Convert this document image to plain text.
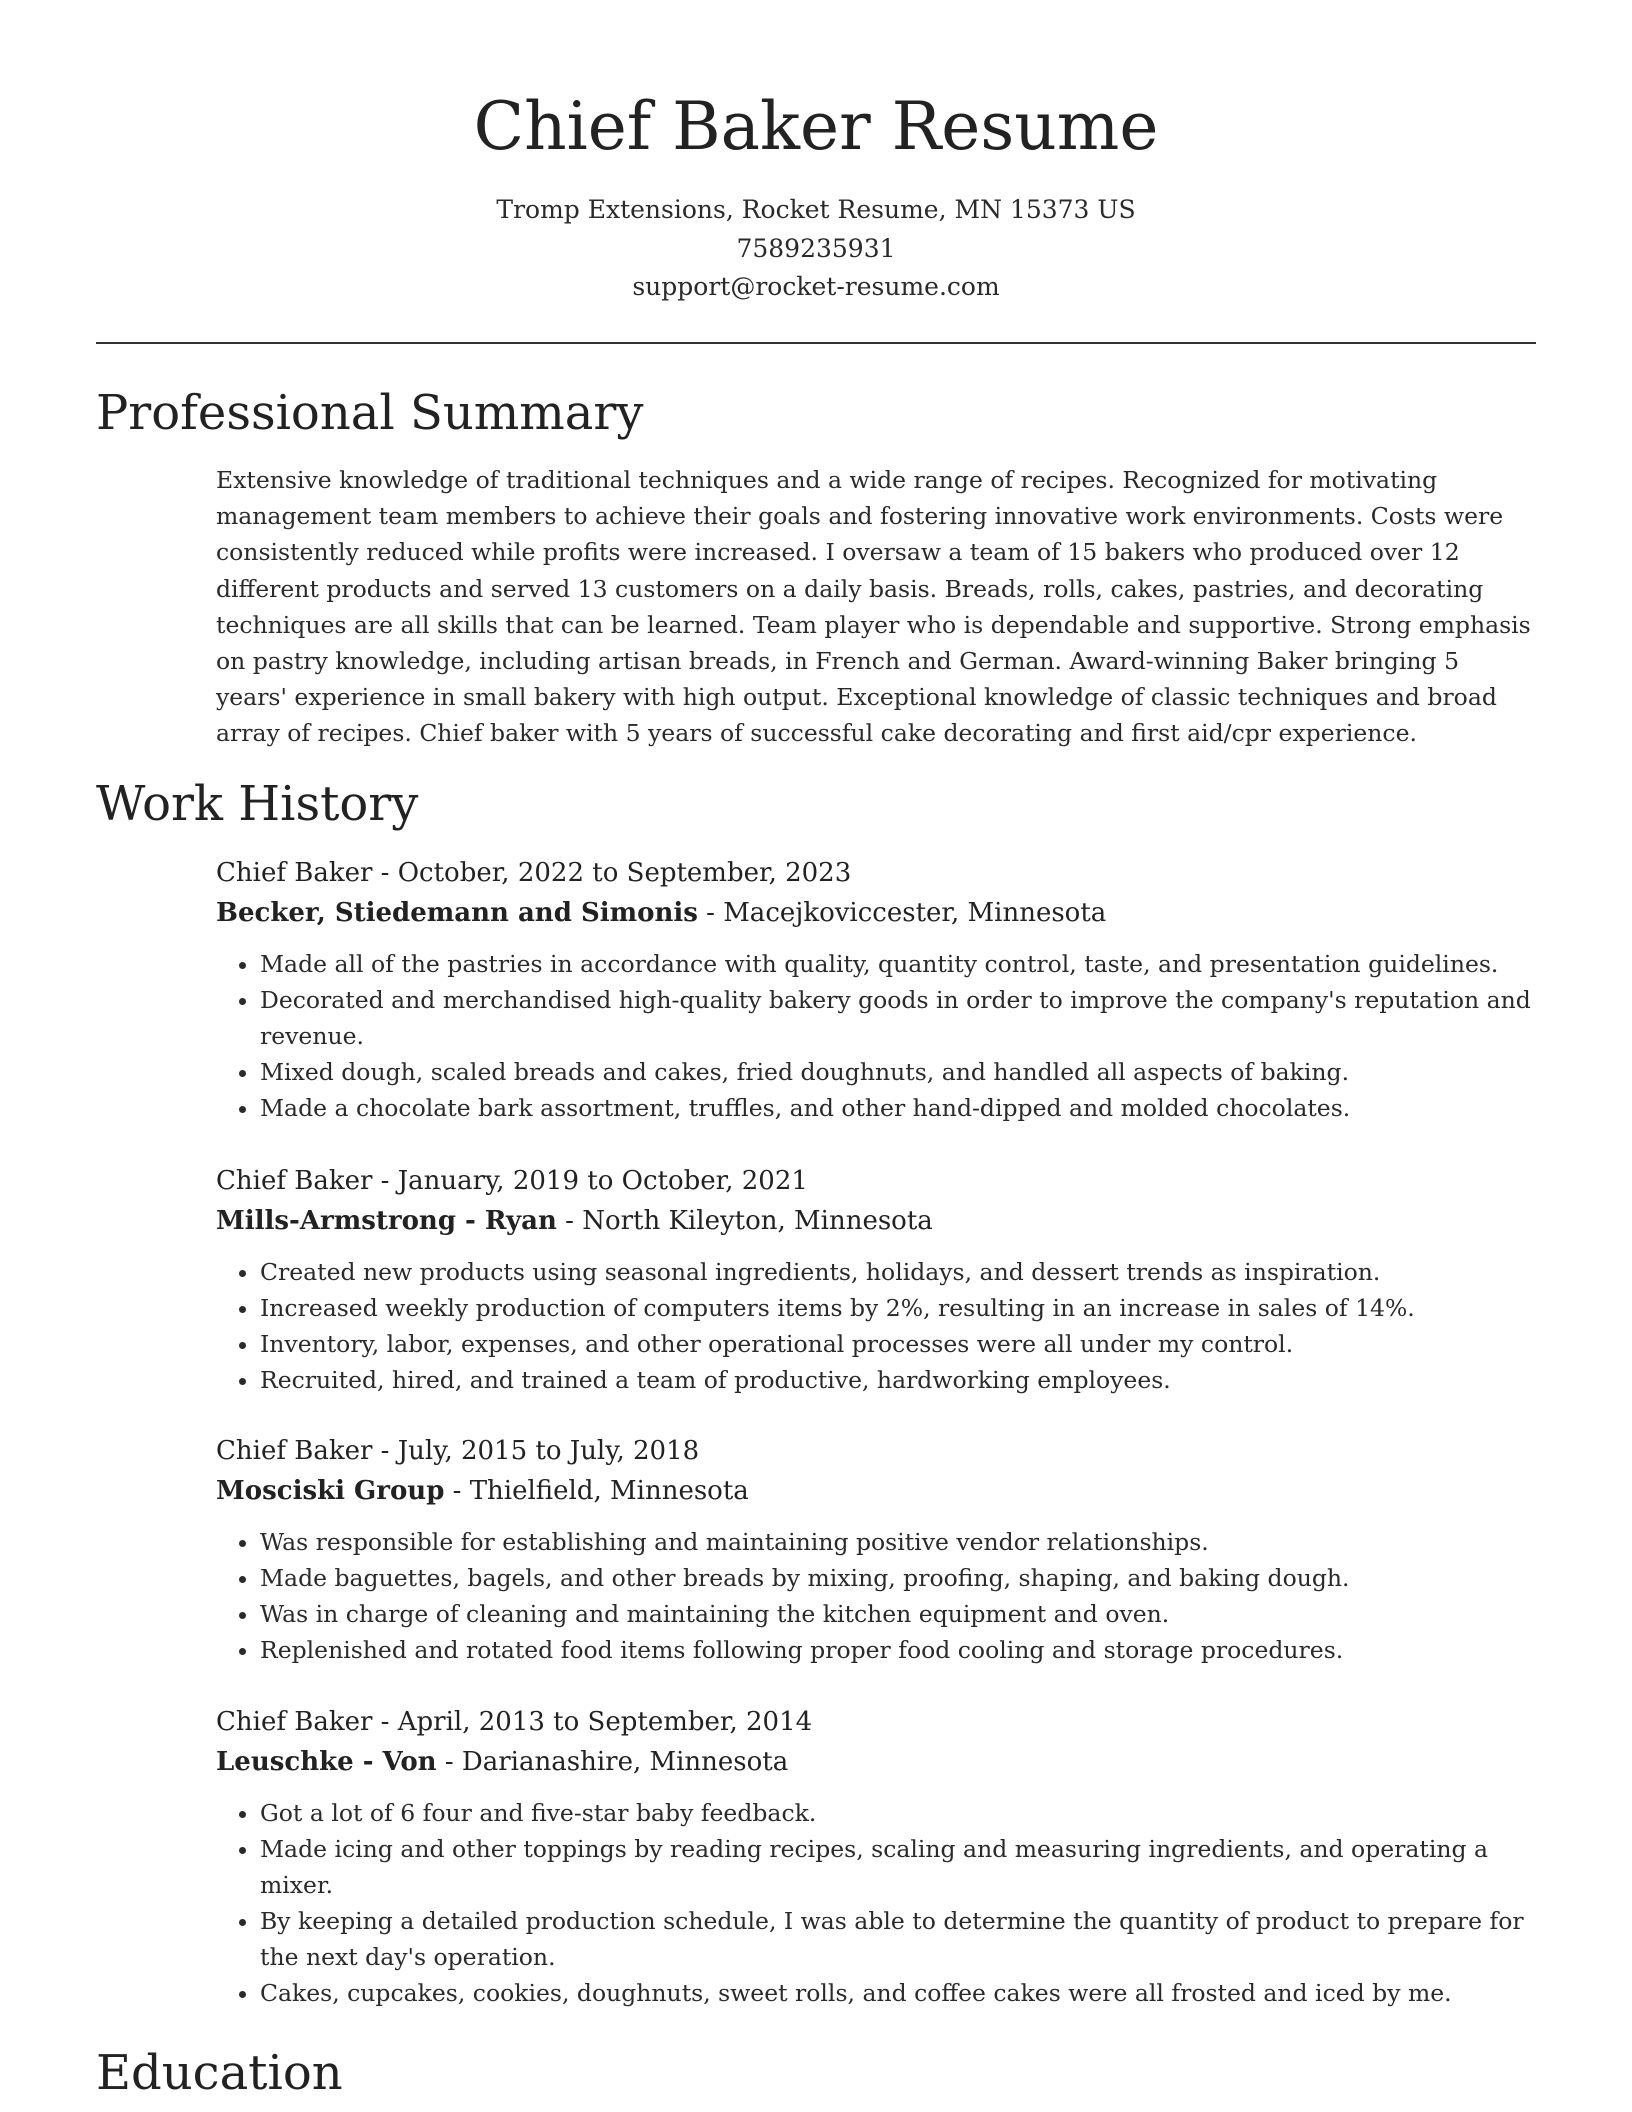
Chief Baker Resume
Tromp Extensions, Rocket Resume, MN 15373 US
7589235931
support@rocket-resume.com
Professional Summary

Extensive knowledge of traditional techniques and a wide range of recipes. Recognized for motivating management team members to achieve their goals and fostering innovative work environments. Costs were consistently reduced while profits were increased. I oversaw a team of 15 bakers who produced over 12 different products and served 13 customers on a daily basis. Breads, rolls, cakes, pastries, and decorating techniques are all skills that can be learned. Team player who is dependable and supportive. Strong emphasis on pastry knowledge, including artisan breads, in French and German. Award-winning Baker bringing 5 years' experience in small bakery with high output. Exceptional knowledge of classic techniques and broad array of recipes. Chief baker with 5 years of successful cake decorating and first aid/cpr experience.

Work History
Chief Baker - October, 2022 to September, 2023
Becker, Stiedemann and Simonis - Macejkoviccester, Minnesota
• Made all of the pastries in accordance with quality, quantity control, taste, and presentation guidelines.
• Decorated and merchandised high-quality bakery goods in order to improve the company's reputation and revenue.
• Mixed dough, scaled breads and cakes, fried doughnuts, and handled all aspects of baking.
• Made a chocolate bark assortment, truffles, and other hand-dipped and molded chocolates.
Chief Baker - January, 2019 to October, 2021
Mills-Armstrong - Ryan - North Kileyton, Minnesota
• Created new products using seasonal ingredients, holidays, and dessert trends as inspiration.
• Increased weekly production of computers items by 2%, resulting in an increase in sales of 14%.
• Inventory, labor, expenses, and other operational processes were all under my control.
• Recruited, hired, and trained a team of productive, hardworking employees.
Chief Baker - July, 2015 to July, 2018
Mosciski Group - Thielfield, Minnesota
• Was responsible for establishing and maintaining positive vendor relationships.
• Made baguettes, bagels, and other breads by mixing, proofing, shaping, and baking dough.
• Was in charge of cleaning and maintaining the kitchen equipment and oven.
• Replenished and rotated food items following proper food cooling and storage procedures.
Chief Baker - April, 2013 to September, 2014
Leuschke - Von - Darianashire, Minnesota
• Got a lot of 6 four and five-star baby feedback.
• Made icing and other toppings by reading recipes, scaling and measuring ingredients, and operating a mixer.
• By keeping a detailed production schedule, I was able to determine the quantity of product to prepare for the next day's operation.
• Cakes, cupcakes, cookies, doughnuts, sweet rolls, and coffee cakes were all frosted and iced by me.
Education
